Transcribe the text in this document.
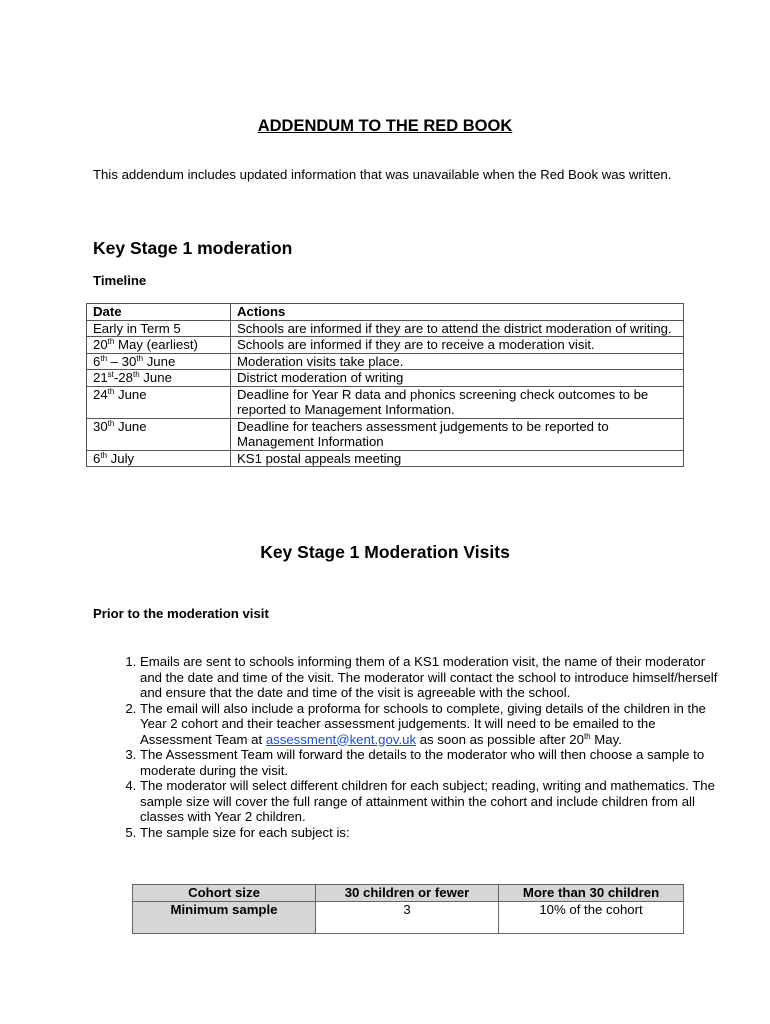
ADDENDUM TO THE RED BOOK
This addendum includes updated information that was unavailable when the Red Book was written.
Key Stage 1 moderation
Timeline
Date	Actions
Early in Term 5	Schools are informed if they are to attend the district moderation of writing.
20th May (earliest)	Schools are informed if they are to receive a moderation visit.
6th – 30th June	Moderation visits take place.
21st-28th June	District moderation of writing
24th June	Deadline for Year R data and phonics screening check outcomes to be reported to Management Information.
30th June	Deadline for teachers assessment judgements to be reported to Management Information
6th July	KS1 postal appeals meeting
Key Stage 1 Moderation Visits
Prior to the moderation visit
1. Emails are sent to schools informing them of a KS1 moderation visit, the name of their moderator and the date and time of the visit. The moderator will contact the school to introduce himself/herself and ensure that the date and time of the visit is agreeable with the school.
2. The email will also include a proforma for schools to complete, giving details of the children in the Year 2 cohort and their teacher assessment judgements. It will need to be emailed to the Assessment Team at assessment@kent.gov.uk as soon as possible after 20th May.
3. The Assessment Team will forward the details to the moderator who will then choose a sample to moderate during the visit.
4. The moderator will select different children for each subject; reading, writing and mathematics. The sample size will cover the full range of attainment within the cohort and include children from all classes with Year 2 children.
5. The sample size for each subject is:
Cohort size	30 children or fewer	More than 30 children
Minimum sample	3	10% of the cohort
